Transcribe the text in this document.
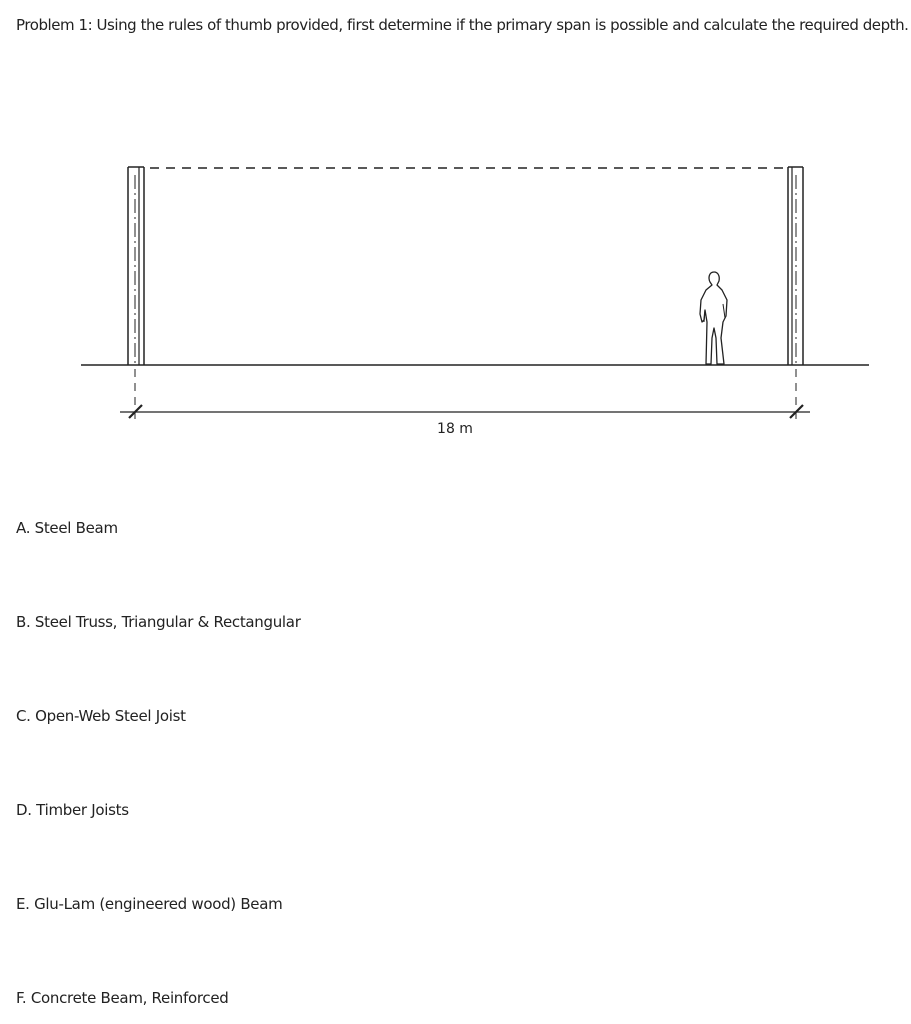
Problem 1: Using the rules of thumb provided, first determine if the primary span is possible and calculate the required depth.

18 m
A. Steel Beam
B. Steel Truss, Triangular & Rectangular
C. Open-Web Steel Joist
D. Timber Joists
E. Glu-Lam (engineered wood) Beam
F. Concrete Beam, Reinforced
